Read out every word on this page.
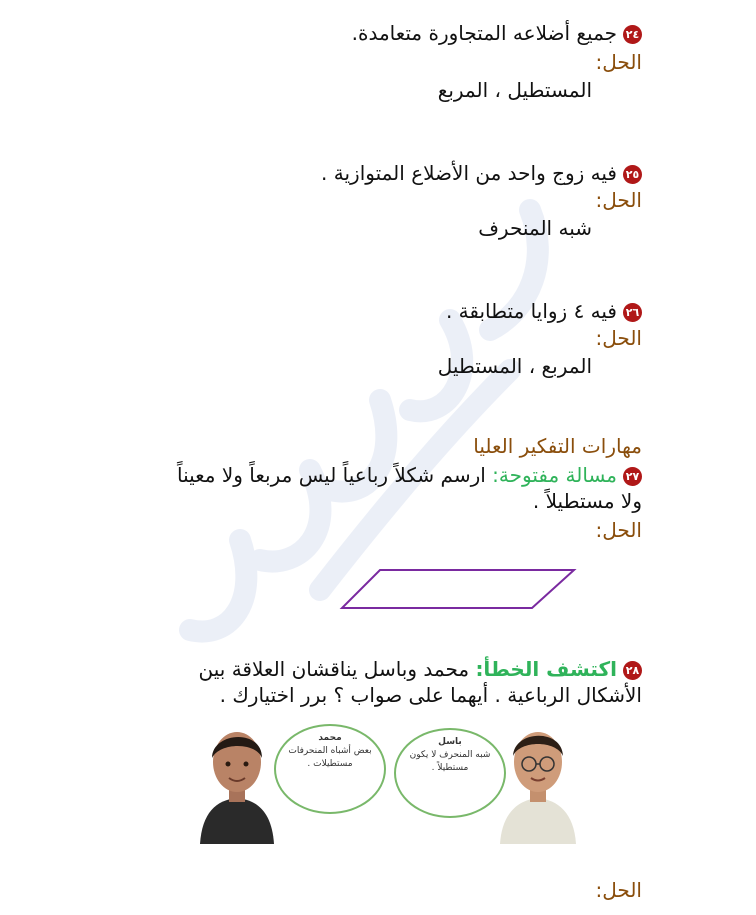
٢٤جميع أضلاعه المتجاورة متعامدة.
الحل:
المستطيل ، المربع
٢٥فيه زوج واحد من الأضلاع المتوازية .
الحل:
شبه المنحرف
٢٦فيه ٤ زوايا متطابقة .
الحل:
المربع ، المستطيل
مهارات التفكير العليا
٢٧مسالة مفتوحة: ارسم شكلاً رباعياً ليس مربعاً ولا معيناً ولا مستطيلاً .
الحل:
٢٨اكتشف الخطأ: محمد وباسل يناقشان العلاقة بين الأشكال الرباعية . أيهما على صواب ؟ برر اختيارك .
محمد
بعض أشباه المنحرفات
مستطيلات .
باسل
شبه المنحرف لا يكون
مستطيلاً .
الحل:
